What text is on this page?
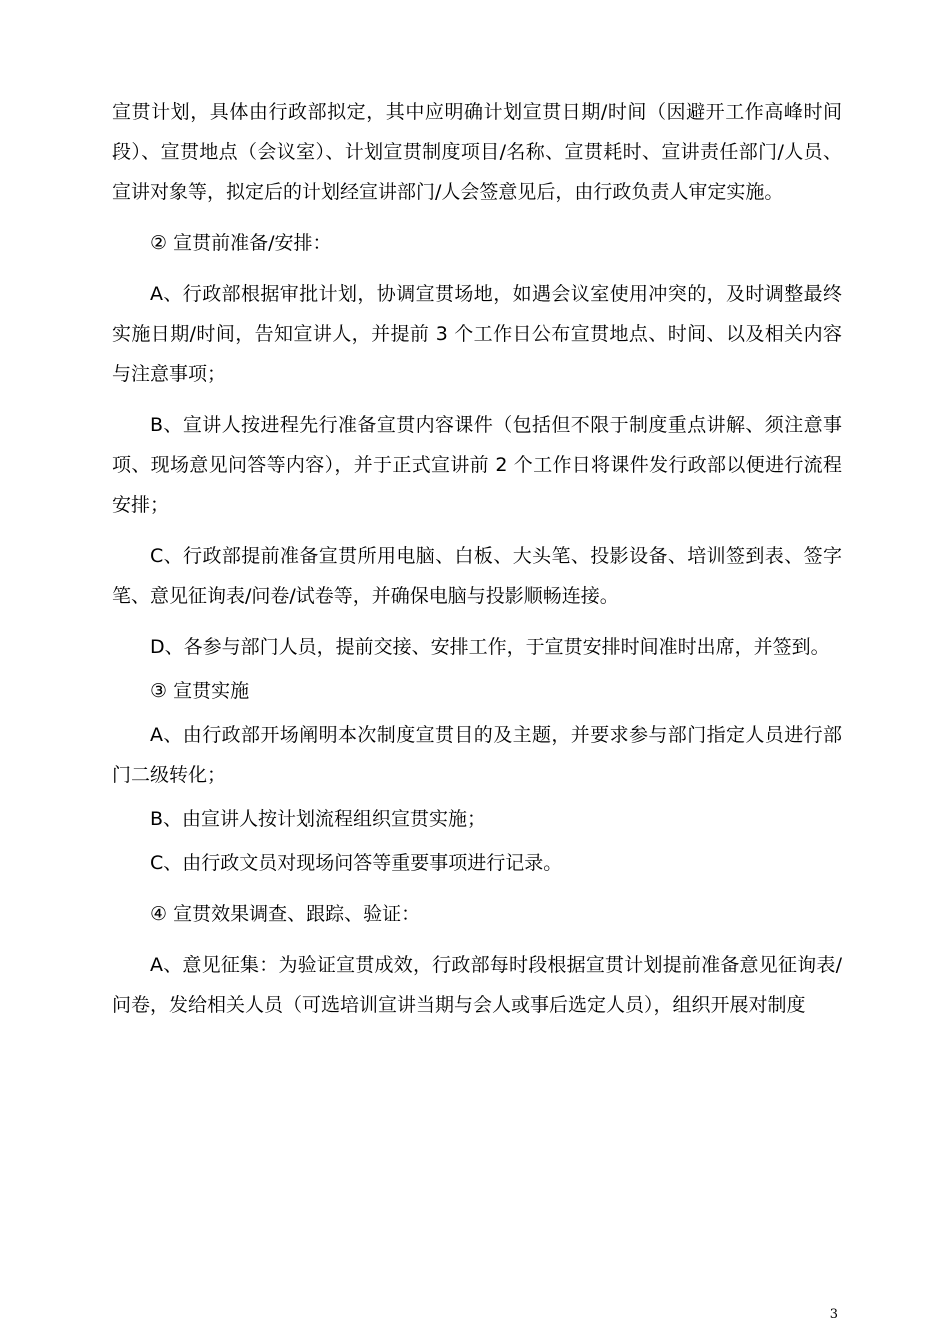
宣贯计划，具体由行政部拟定，其中应明确计划宣贯日期/时间（因避开工作高峰时间段）、宣贯地点（会议室）、计划宣贯制度项目/名称、宣贯耗时、宣讲责任部门/人员、宣讲对象等，拟定后的计划经宣讲部门/人会签意见后，由行政负责人审定实施。

② 宣贯前准备/安排：

A、行政部根据审批计划，协调宣贯场地，如遇会议室使用冲突的，及时调整最终实施日期/时间，告知宣讲人，并提前 3 个工作日公布宣贯地点、时间、以及相关内容与注意事项；

B、宣讲人按进程先行准备宣贯内容课件（包括但不限于制度重点讲解、须注意事项、现场意见问答等内容），并于正式宣讲前 2 个工作日将课件发行政部以便进行流程安排；

C、行政部提前准备宣贯所用电脑、白板、大头笔、投影设备、培训签到表、签字笔、意见征询表/问卷/试卷等，并确保电脑与投影顺畅连接。

D、各参与部门人员，提前交接、安排工作，于宣贯安排时间准时出席，并签到。

③ 宣贯实施

A、由行政部开场阐明本次制度宣贯目的及主题，并要求参与部门指定人员进行部门二级转化；

B、由宣讲人按计划流程组织宣贯实施；

C、由行政文员对现场问答等重要事项进行记录。

④ 宣贯效果调查、跟踪、验证：

A、意见征集：为验证宣贯成效，行政部每时段根据宣贯计划提前准备意见征询表/问卷，发给相关人员（可选培训宣讲当期与会人或事后选定人员），组织开展对制度

3
